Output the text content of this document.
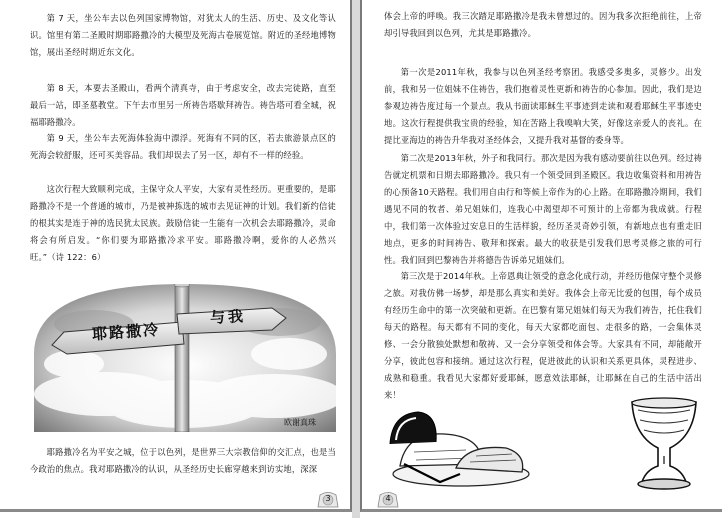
第 7 天，坐公车去以色列国家博物馆，对犹太人的生活、历史、及文化等认识。馆里有第二圣殿时期耶路撒冷的大模型及死海古卷展览馆。附近的圣经地博物馆，展出圣经时期近东文化。

第 8 天，本要去圣殿山，看两个清真寺，由于考虑安全，改去完徒路，直至最后一站，即圣墓教堂。下午去市里另一所祷告塔歇拜祷告。祷告塔可看全城，祝福耶路撒冷。

第 9 天，坐公车去死海体验海中漂浮。死海有不同的区，若去旅游景点区的死海会较舒服，还可买美容品。我们却误去了另一区，却有不一样的经验。

这次行程大致顺利完成，主保守众人平安，大家有灵性经历。更重要的，是耶路撒冷不是一个普通的城市，乃是被神拣选的城市去见证神的计划。我们新约信徒的根其实是连于神的选民犹太民族。鼓励信徒一生能有一次机会去耶路撒冷，灵命将会有所启发。“你们要为耶路撒冷求平安。耶路撒冷啊，爱你的人必然兴旺。”（诗 122：6）

耶路撒冷
与我
欧谢真珠

耶路撒冷名为平安之城，位于以色列，是世界三大宗教信仰的交汇点，也是当今政治的焦点。我对耶路撒冷的认识，从圣经历史长廊穿越来到访实地，深深

3

体会上帝的呼唤。我三次踏足耶路撒冷是我未曾想过的。因为我多次拒绝前往，上帝却引导我回到以色列，尤其是耶路撒冷。

第一次是2011年秋，我参与以色列圣经考察团。我感受多奥多，灵修少。出发前，我和另一位姐妹不住祷告，我们抱着灵性更新和祷告的心参加。因此，我们是边参观边祷告度过每一个景点。我从书面读耶稣生平事迹到走读和观看耶稣生平事迹史地。这次行程提供我宝贵的经验，知在苦路上我嗅响大笑，好像这亲爱人的丧礼。在提比亚海边的祷告升华我对圣经体会，又提升我对基督的委身等。

第二次是2013年秋，外子和我同行。那次是因为我有感动要前往以色列。经过祷告就定机票和日期去耶路撒冷。我只有一个领受回到圣殿区。我边收集资料和用祷告的心预备10天路程。我们用自由行和等候上帝作为的心上路。在耶路撒冷期间，我们遇见不同的牧者、弟兄姐妹们，连我心中渴望却不可预计的上帝都为我成就。行程中，我们第一次体验过安息日的生活样貌，经历圣灵奇妙引领，有新地点也有重走旧地点，更多的时间祷告、敬拜和探索。最大的收获是引发我们思考灵修之旅的可行性。我们回到巴黎祷告并将德告告诉弟兄姐妹们。

第三次是于2014年秋。上帝恩典让领受的意念化成行动，并经历他保守整个灵修之旅。对我仿佛一场梦，却是那么真实和美好。我体会上帝无比爱的包围，每个成员有经历生命中的第一次突破和更新。在巴黎有第兄姐妹们每天为我们祷告，托住我们每天的路程。每天都有不同的变化，每天大家都吃面包、走很多的路，一会集体灵修、一会分散独处默想和敬祷、又一会分享领受和体会等。大家具有不同，却能敞开分享，彼此包容和接纳。通过这次行程，促进彼此的认识和关系更具体，灵程进步、成熟和稳重。我看见大家都好爱耶稣，愿意效法耶稣，让耶稣在自己的生活中活出来！

4
